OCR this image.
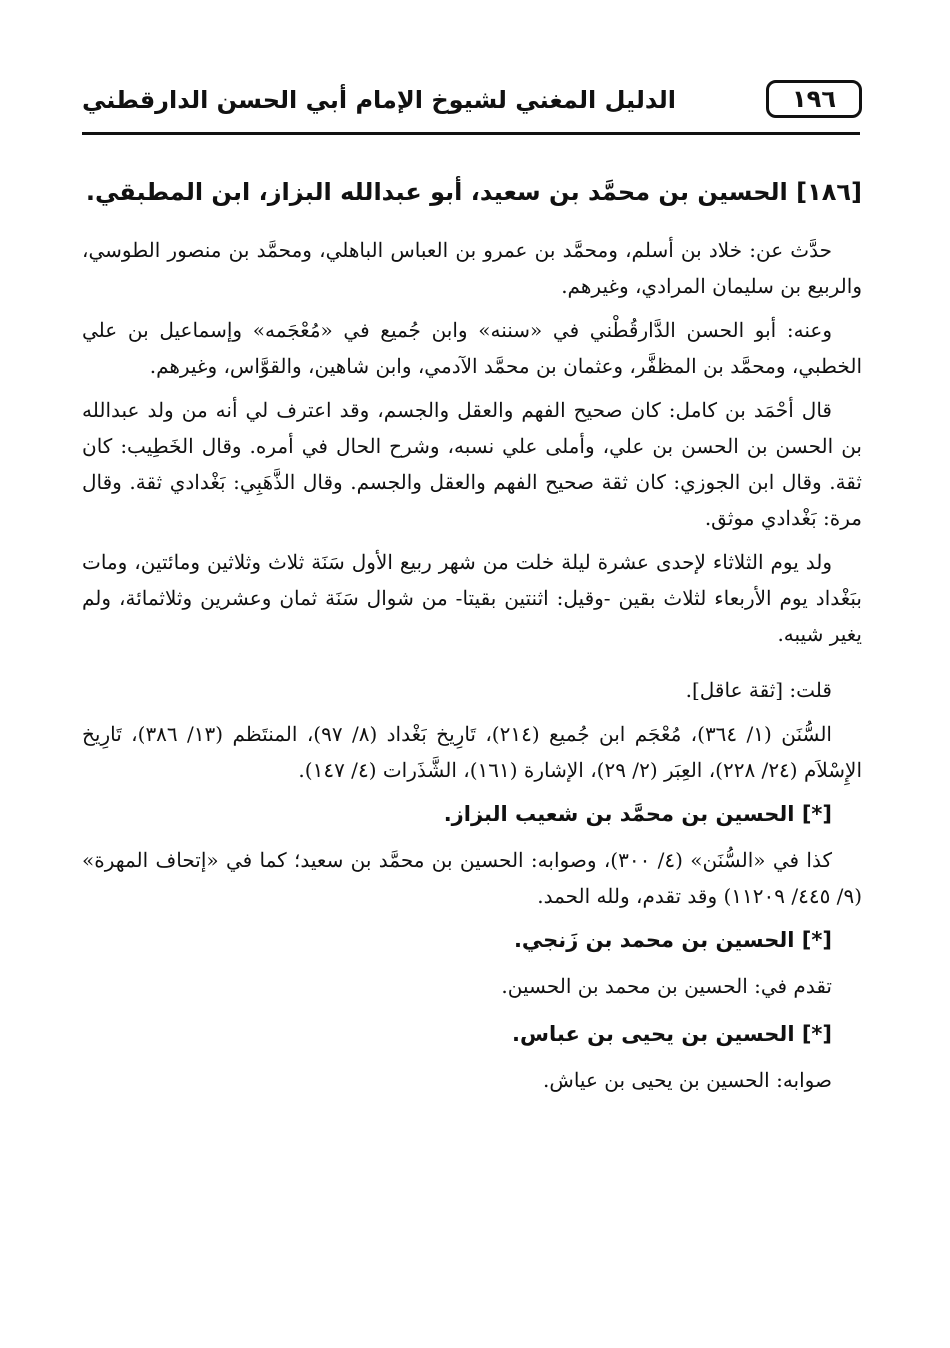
الدليل المغني لشيوخ الإمام أبي الحسن الدارقطني	١٩٦
[١٨٦] الحسين بن محمَّد بن سعيد، أبو عبدالله البزاز، ابن المطبقي.

حدَّث عن: خلاد بن أسلم، ومحمَّد بن عمرو بن العباس الباهلي، ومحمَّد بن منصور الطوسي، والربيع بن سليمان المرادي، وغيرهم.

وعنه: أبو الحسن الدَّارقُطْني في «سننه» وابن جُميع في «مُعْجَمه» وإسماعيل بن علي الخطبي، ومحمَّد بن المظفَّر، وعثمان بن محمَّد الآدمي، وابن شاهين، والقوَّاس، وغيرهم.

قال أحْمَد بن كامل: كان صحيح الفهم والعقل والجسم، وقد اعترف لي أنه من ولد عبدالله بن الحسن بن الحسن بن علي، وأملى علي نسبه، وشرح الحال في أمره. وقال الخَطِيب: كان ثقة. وقال ابن الجوزي: كان ثقة صحيح الفهم والعقل والجسم. وقال الذَّهَبِي: بَغْدادي ثقة. وقال مرة: بَغْدادي موثق.

ولد يوم الثلاثاء لإحدى عشرة ليلة خلت من شهر ربيع الأول سَنَة ثلاث وثلاثين ومائتين، ومات ببَغْداد يوم الأربعاء لثلاث بقين -وقيل: اثنتين بقيتا- من شوال سَنَة ثمان وعشرين وثلاثمائة، ولم يغير شيبه.

قلت: [ثقة عاقل].

السُّنَن (١/ ٣٦٤)، مُعْجَم ابن جُميع (٢١٤)، تَارِيخ بَغْداد (٨/ ٩٧)، المنتَظم (١٣/ ٣٨٦)، تَارِيخ الإِسْلاَم (٢٤/ ٢٢٨)، العِبَر (٢/ ٢٩)، الإشارة (١٦١)، الشَّذَرات (٤/ ١٤٧).

[*] الحسين بن محمَّد بن شعيب البزاز.

كذا في «السُّنَن» (٤/ ٣٠٠)، وصوابه: الحسين بن محمَّد بن سعيد؛ كما في «إتحاف المهرة» (٩/ ٤٤٥/ ١١٢٠٩) وقد تقدم، ولله الحمد.

[*] الحسين بن محمد بن زَنجي.
تقدم في: الحسين بن محمد بن الحسين.
[*] الحسين بن يحيى بن عباس.
صوابه: الحسين بن يحيى بن عياش.
